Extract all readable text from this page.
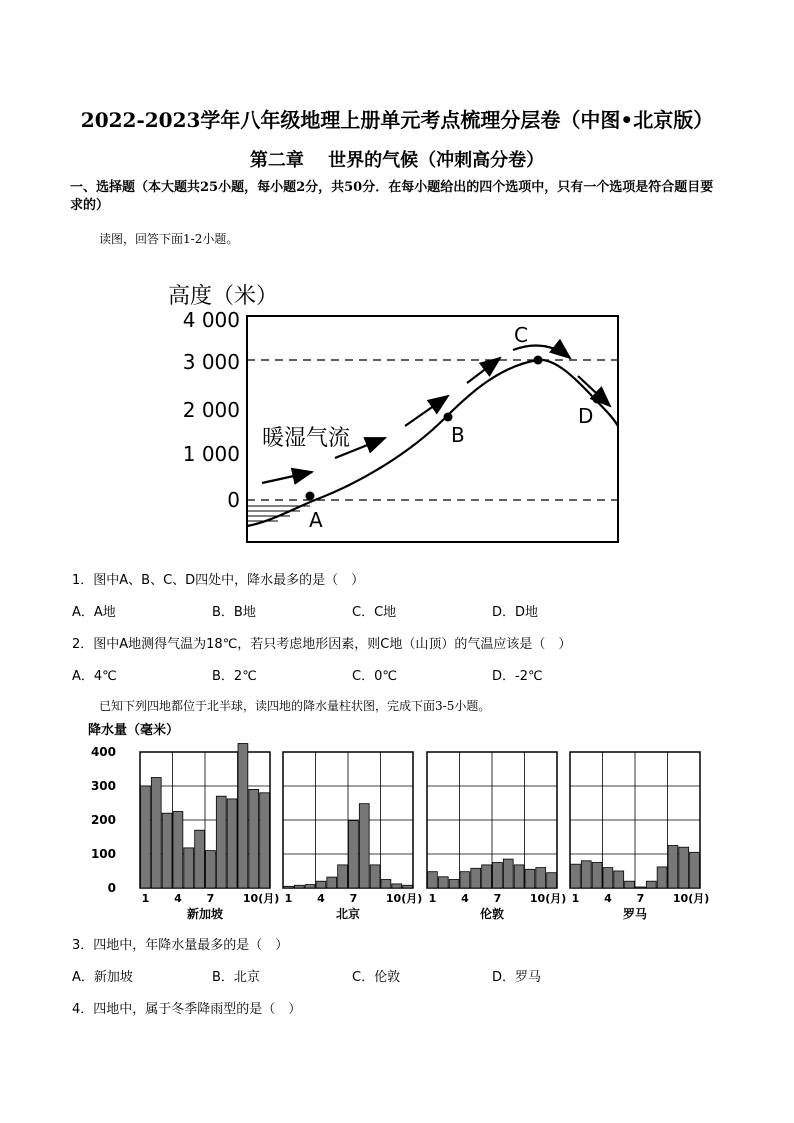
2022-2023学年八年级地理上册单元考点梳理分层卷（中图•北京版）
第二章　 世界的气候（冲刺高分卷）
一、选择题（本大题共25小题，每小题2分，共50分．在每小题给出的四个选项中，只有一个选项是符合题目要求的）
读图，回答下面1-2小题。
高度（米）
4 000
3 000
2 000
1 000
0
暖湿气流
A
B
C
D
1．图中A、B、C、D四处中，降水最多的是（　）
A．A地	B．B地	C．C地	D．D地
2．图中A地测得气温为18℃，若只考虑地形因素，则C地（山顶）的气温应该是（　）
A．4℃	B．2℃	C．0℃	D．-2℃
已知下列四地都位于北半球，读四地的降水量柱状图，完成下面3-5小题。
降水量（毫米）
400
300
200
100
0
1 4 7	10(月)
新加坡
1 4 7	10(月)
北京
1 4 7	10(月)
伦敦
1 4 7	10(月)
罗马
3．四地中，年降水量最多的是（　）
A．新加坡	B．北京	C．伦敦	D．罗马
4．四地中，属于冬季降雨型的是（　）
